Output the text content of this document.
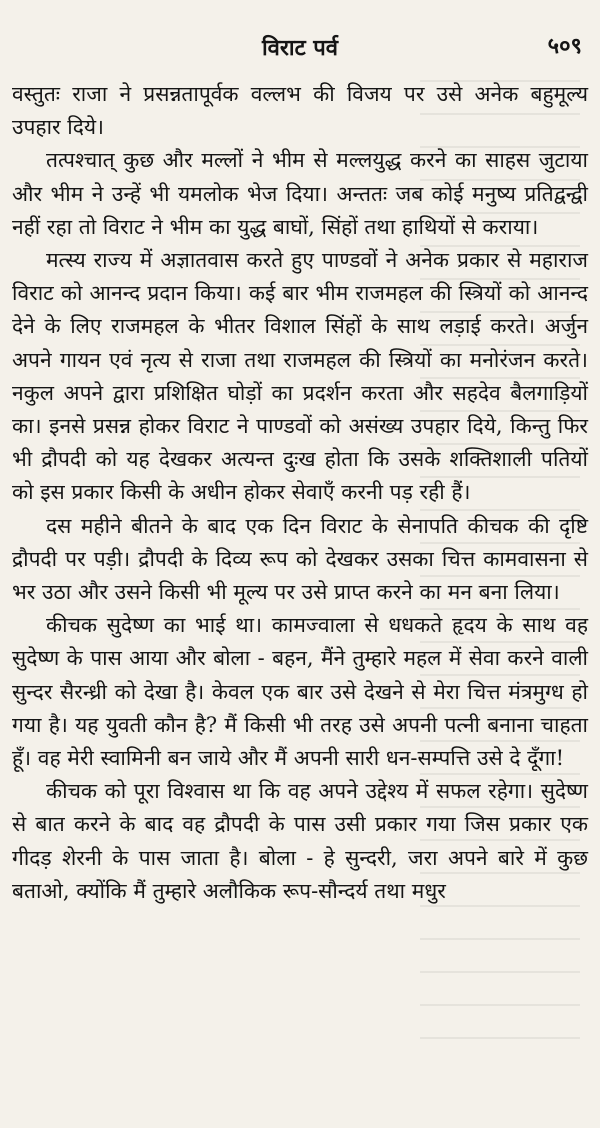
विराट पर्व	५०९

वस्तुतः राजा ने प्रसन्नतापूर्वक वल्लभ की विजय पर उसे अनेक बहुमूल्य उपहार दिये।

तत्पश्चात् कुछ और मल्लों ने भीम से मल्लयुद्ध करने का साहस जुटाया और भीम ने उन्हें भी यमलोक भेज दिया। अन्ततः जब कोई मनुष्य प्रतिद्वन्द्वी नहीं रहा तो विराट ने भीम का युद्ध बाघों, सिंहों तथा हाथियों से कराया।

मत्स्य राज्य में अज्ञातवास करते हुए पाण्डवों ने अनेक प्रकार से महाराज विराट को आनन्द प्रदान किया। कई बार भीम राजमहल की स्त्रियों को आनन्द देने के लिए राजमहल के भीतर विशाल सिंहों के साथ लड़ाई करते। अर्जुन अपने गायन एवं नृत्य से राजा तथा राजमहल की स्त्रियों का मनोरंजन करते। नकुल अपने द्वारा प्रशिक्षित घोड़ों का प्रदर्शन करता और सहदेव बैलगाड़ियों का। इनसे प्रसन्न होकर विराट ने पाण्डवों को असंख्य उपहार दिये, किन्तु फिर भी द्रौपदी को यह देखकर अत्यन्त दुःख होता कि उसके शक्तिशाली पतियों को इस प्रकार किसी के अधीन होकर सेवाएँ करनी पड़ रही हैं।

दस महीने बीतने के बाद एक दिन विराट के सेनापति कीचक की दृष्टि द्रौपदी पर पड़ी। द्रौपदी के दिव्य रूप को देखकर उसका चित्त कामवासना से भर उठा और उसने किसी भी मूल्य पर उसे प्राप्त करने का मन बना लिया।

कीचक सुदेष्ण का भाई था। कामज्वाला से धधकते हृदय के साथ वह सुदेष्ण के पास आया और बोला - बहन, मैंने तुम्हारे महल में सेवा करने वाली सुन्दर सैरन्ध्री को देखा है। केवल एक बार उसे देखने से मेरा चित्त मंत्रमुग्ध हो गया है। यह युवती कौन है? मैं किसी भी तरह उसे अपनी पत्नी बनाना चाहता हूँ। वह मेरी स्वामिनी बन जाये और मैं अपनी सारी धन-सम्पत्ति उसे दे दूँगा!

कीचक को पूरा विश्वास था कि वह अपने उद्देश्य में सफल रहेगा। सुदेष्ण से बात करने के बाद वह द्रौपदी के पास उसी प्रकार गया जिस प्रकार एक गीदड़ शेरनी के पास जाता है। बोला - हे सुन्दरी, जरा अपने बारे में कुछ बताओ, क्योंकि मैं तुम्हारे अलौकिक रूप-सौन्दर्य तथा मधुर
